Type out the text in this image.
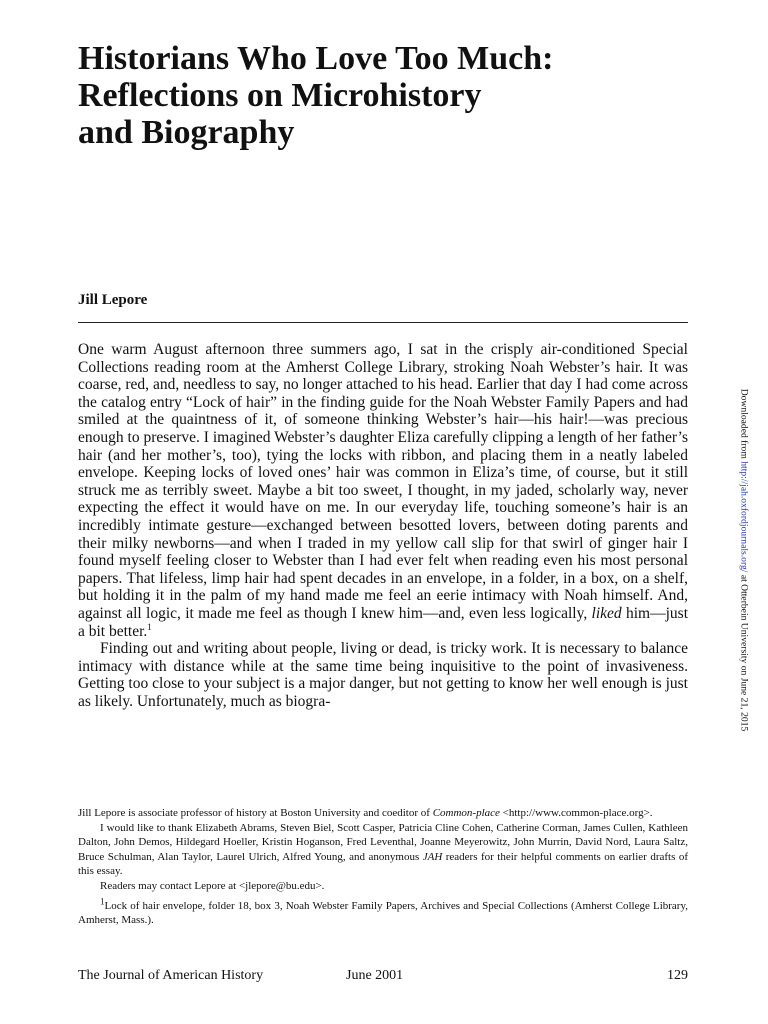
Historians Who Love Too Much:
Reflections on Microhistory
and Biography
Jill Lepore

One warm August afternoon three summers ago, I sat in the crisply air-conditioned Special Collections reading room at the Amherst College Library, stroking Noah Webster’s hair. It was coarse, red, and, needless to say, no longer attached to his head. Earlier that day I had come across the catalog entry “Lock of hair” in the finding guide for the Noah Webster Family Papers and had smiled at the quaintness of it, of someone thinking Webster’s hair—his hair!—was precious enough to preserve. I imagined Webster’s daughter Eliza carefully clipping a length of her father’s hair (and her mother’s, too), tying the locks with ribbon, and placing them in a neatly labeled envelope. Keeping locks of loved ones’ hair was common in Eliza’s time, of course, but it still struck me as terribly sweet. Maybe a bit too sweet, I thought, in my jaded, scholarly way, never expecting the effect it would have on me. In our everyday life, touching someone’s hair is an incredibly intimate gesture—exchanged between besotted lovers, between doting parents and their milky newborns—and when I traded in my yellow call slip for that swirl of ginger hair I found myself feeling closer to Webster than I had ever felt when reading even his most personal papers. That lifeless, limp hair had spent decades in an envelope, in a folder, in a box, on a shelf, but holding it in the palm of my hand made me feel an eerie intimacy with Noah himself. And, against all logic, it made me feel as though I knew him—and, even less logically, liked him—just a bit better.$^1$

Finding out and writing about people, living or dead, is tricky work. It is necessary to balance intimacy with distance while at the same time being inquisitive to the point of invasiveness. Getting too close to your subject is a major danger, but not getting to know her well enough is just as likely. Unfortunately, much as biogra-

Jill Lepore is associate professor of history at Boston University and coeditor of Common-place <http://www.common-place.org>.

I would like to thank Elizabeth Abrams, Steven Biel, Scott Casper, Patricia Cline Cohen, Catherine Corman, James Cullen, Kathleen Dalton, John Demos, Hildegard Hoeller, Kristin Hoganson, Fred Leventhal, Joanne Meyerowitz, John Murrin, David Nord, Laura Saltz, Bruce Schulman, Alan Taylor, Laurel Ulrich, Alfred Young, and anonymous JAH readers for their helpful comments on earlier drafts of this essay.

Readers may contact Lepore at <jlepore@bu.edu>.

$^1$Lock of hair envelope, folder 18, box 3, Noah Webster Family Papers, Archives and Special Collections (Amherst College Library, Amherst, Mass.).

The Journal of American History	June 2001	129
Downloaded from http://jah.oxfordjournals.org/ at Otterbein University on June 21, 2015
